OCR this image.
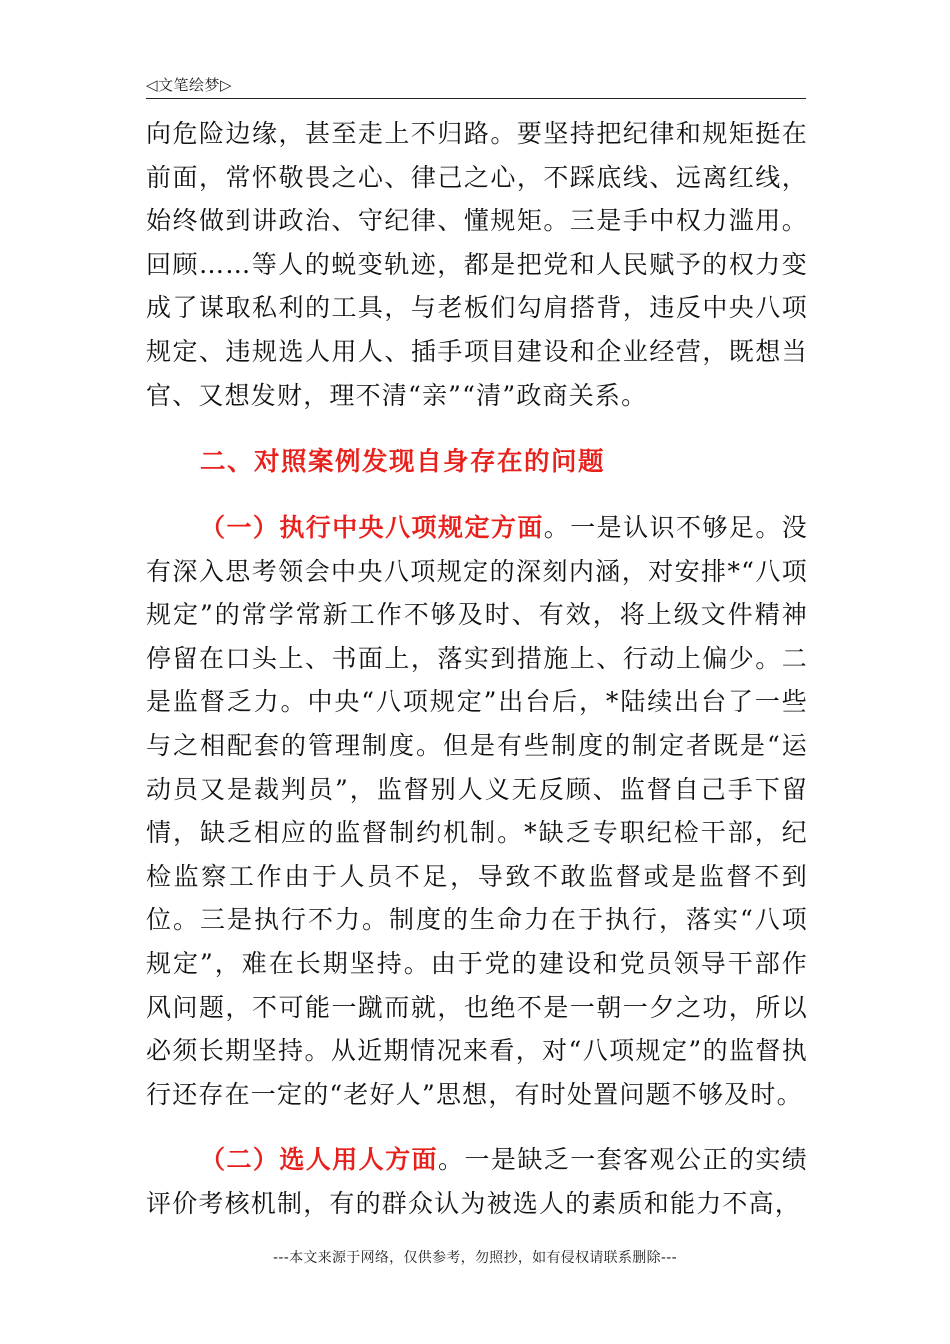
◁文笔绘梦▷

向危险边缘，甚至走上不归路。要坚持把纪律和规矩挺在前面，常怀敬畏之心、律己之心，不踩底线、远离红线，始终做到讲政治、守纪律、懂规矩。三是手中权力滥用。回顾……等人的蜕变轨迹，都是把党和人民赋予的权力变成了谋取私利的工具，与老板们勾肩搭背，违反中央八项规定、违规选人用人、插手项目建设和企业经营，既想当官、又想发财，理不清“亲”“清”政商关系。

二、对照案例发现自身存在的问题

（一）执行中央八项规定方面。一是认识不够足。没有深入思考领会中央八项规定的深刻内涵，对安排*“八项规定”的常学常新工作不够及时、有效，将上级文件精神停留在口头上、书面上，落实到措施上、行动上偏少。二是监督乏力。中央“八项规定”出台后，*陆续出台了一些与之相配套的管理制度。但是有些制度的制定者既是“运动员又是裁判员”，监督别人义无反顾、监督自己手下留情，缺乏相应的监督制约机制。*缺乏专职纪检干部，纪检监察工作由于人员不足，导致不敢监督或是监督不到位。三是执行不力。制度的生命力在于执行，落实“八项规定”，难在长期坚持。由于党的建设和党员领导干部作风问题，不可能一蹴而就，也绝不是一朝一夕之功，所以必须长期坚持。从近期情况来看，对“八项规定”的监督执行还存在一定的“老好人”思想，有时处置问题不够及时。

（二）选人用人方面。一是缺乏一套客观公正的实绩评价考核机制，有的群众认为被选人的素质和能力不高，

---本文来源于网络，仅供参考，勿照抄，如有侵权请联系删除---
